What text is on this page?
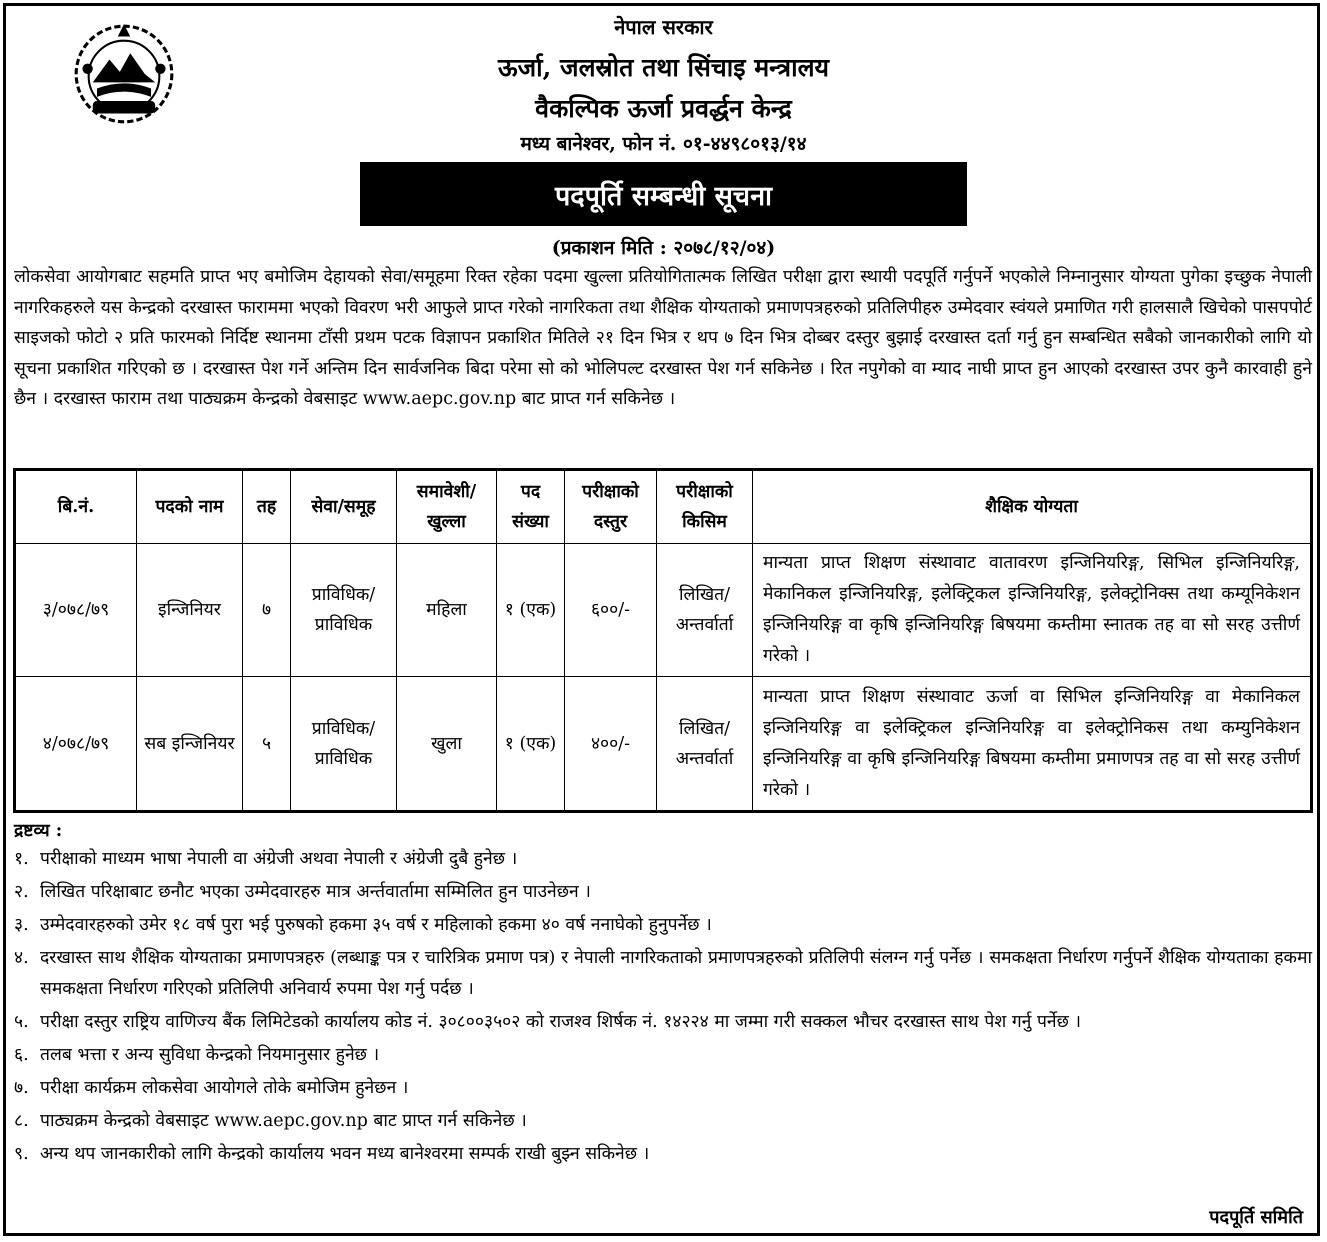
नेपाल सरकार
ऊर्जा, जलस्रोत तथा सिंचाइ मन्त्रालय
वैकल्पिक ऊर्जा प्रवर्द्धन केन्द्र
मध्य बानेश्वर, फोन नं. ०१-४४९८०१३/१४
पदपूर्ति सम्बन्धी सूचना
(प्रकाशन मिति : २०७८/१२/०४)
लोकसेवा आयोगबाट सहमति प्राप्त भए बमोजिम देहायको सेवा/समूहमा रिक्त रहेका पदमा खुल्ला प्रतियोगितात्मक लिखित परीक्षा द्वारा स्थायी पदपूर्ति गर्नुपर्ने भएकोले निम्नानुसार योग्यता पुगेका इच्छुक नेपाली नागरिकहरुले यस केन्द्रको दरखास्त फाराममा भएको विवरण भरी आफुले प्राप्त गरेको नागरिकता तथा शैक्षिक योग्यताको प्रमाणपत्रहरुको प्रतिलिपीहरु उम्मेदवार स्वंयले प्रमाणित गरी हालसालै खिचेको पासपपोर्ट साइजको फोटो २ प्रति फारमको निर्दिष्ट स्थानमा टाँसी प्रथम पटक विज्ञापन प्रकाशित मितिले २१ दिन भित्र र थप ७ दिन भित्र दोब्बर दस्तुर बुझाई दरखास्त दर्ता गर्नु हुन सम्बन्धित सबैको जानकारीको लागि यो सूचना प्रकाशित गरिएको छ । दरखास्त पेश गर्ने अन्तिम दिन सार्वजनिक बिदा परेमा सो को भोलिपल्ट दरखास्त पेश गर्न सकिनेछ । रित नपुगेको वा म्याद नाघी प्राप्त हुन आएको दरखास्त उपर कुनै कारवाही हुने छैन । दरखास्त फाराम तथा पाठ्यक्रम केन्द्रको वेबसाइट www.aepc.gov.np बाट प्राप्त गर्न सकिनेछ ।
बि.नं.	पदको नाम	तह	सेवा/समूह	समावेशी/ खुल्ला	पद संख्या	परीक्षाको दस्तुर	परीक्षाको किसिम	शैक्षिक योग्यता
३/०७८/७९	इन्जिनियर	७	प्राविधिक/ प्राविधिक	महिला	१ (एक)	६००/-	लिखित/ अन्तर्वार्ता	मान्यता प्राप्त शिक्षण संस्थावाट वातावरण इन्जिनियरिङ्ग, सिभिल इन्जिनियरिङ्ग, मेकानिकल इन्जिनियरिङ्ग, इलेक्ट्रिकल इन्जिनियरिङ्ग, इलेक्ट्रोनिक्स तथा कम्यूनिकेशन इन्जिनियरिङ्ग वा कृषि इन्जिनियरिङ्ग बिषयमा कम्तीमा स्नातक तह वा सो सरह उत्तीर्ण गरेको ।
४/०७८/७९	सब इन्जिनियर	५	प्राविधिक/ प्राविधिक	खुला	१ (एक)	४००/-	लिखित/ अन्तर्वार्ता	मान्यता प्राप्त शिक्षण संस्थावाट ऊर्जा वा सिभिल इन्जिनियरिङ्ग वा मेकानिकल इन्जिनियरिङ्ग वा इलेक्ट्रिकल इन्जिनियरिङ्ग वा इलेक्ट्रोनिकस तथा कम्युनिकेशन इन्जिनियरिङ्ग वा कृषि इन्जिनियरिङ्ग बिषयमा कम्तीमा प्रमाणपत्र तह वा सो सरह उत्तीर्ण गरेको ।
द्रष्टव्य :
१. परीक्षाको माध्यम भाषा नेपाली वा अंग्रेजी अथवा नेपाली र अंग्रेजी दुबै हुनेछ ।
२. लिखित परिक्षाबाट छनौट भएका उम्मेदवारहरु मात्र अर्न्तवार्तामा सम्मिलित हुन पाउनेछन ।
३. उम्मेदवारहरुको उमेर १८ वर्ष पुरा भई पुरुषको हकमा ३५ वर्ष र महिलाको हकमा ४० वर्ष ननाघेको हुनुपर्नेछ ।
४. दरखास्त साथ शैक्षिक योग्यताका प्रमाणपत्रहरु (लब्धाङ्क पत्र र चारित्रिक प्रमाण पत्र) र नेपाली नागरिकताको प्रमाणपत्रहरुको प्रतिलिपी संलग्न गर्नु पर्नेछ । समकक्षता निर्धारण गर्नुपर्ने शैक्षिक योग्यताका हकमा समकक्षता निर्धारण गरिएको प्रतिलिपी अनिवार्य रुपमा पेश गर्नु पर्दछ ।
५. परीक्षा दस्तुर राष्ट्रिय वाणिज्य बैंक लिमिटेडको कार्यालय कोड नं. ३०८००३५०२ को राजश्व शिर्षक नं. १४२२४ मा जम्मा गरी सक्कल भौचर दरखास्त साथ पेश गर्नु पर्नेछ ।
६. तलब भत्ता र अन्य सुविधा केन्द्रको नियमानुसार हुनेछ ।
७. परीक्षा कार्यक्रम लोकसेवा आयोगले तोके बमोजिम हुनेछन ।
८. पाठ्यक्रम केन्द्रको वेबसाइट www.aepc.gov.np बाट प्राप्त गर्न सकिनेछ ।
९. अन्य थप जानकारीको लागि केन्द्रको कार्यालय भवन मध्य बानेश्वरमा सम्पर्क राखी बुझ्न सकिनेछ ।
पदपूर्ति समिति
